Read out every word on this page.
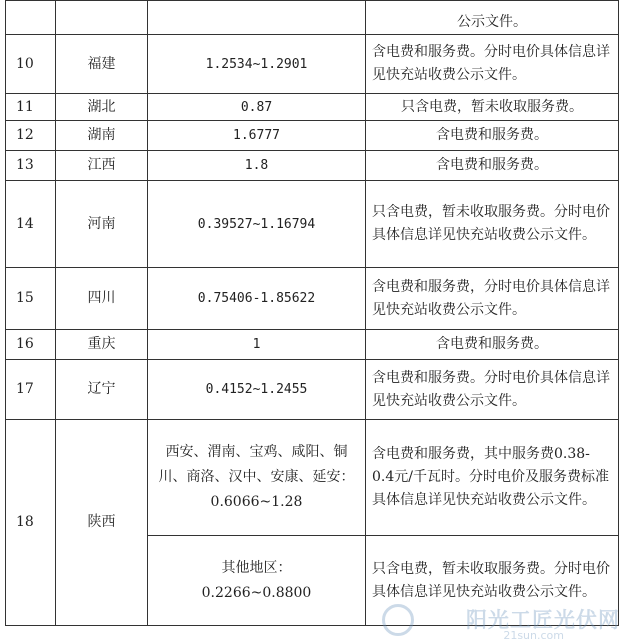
			公示文件。
10	福建	1.2534~1.2901	含电费和服务费。分时电价具体信息详见快充站收费公示文件。
11	湖北	0.87	只含电费，暂未收取服务费。
12	湖南	1.6777	含电费和服务费。
13	江西	1.8	含电费和服务费。
14	河南	0.39527~1.16794	只含电费，暂未收取服务费。分时电价具体信息详见快充站收费公示文件。
15	四川	0.75406-1.85622	含电费和服务费，分时电价具体信息详见快充站收费公示文件。
16	重庆	1	含电费和服务费。
17	辽宁	0.4152~1.2455	含电费和服务费。分时电价具体信息详见快充站收费公示文件。
18	陕西	西安、渭南、宝鸡、咸阳、铜川、商洛、汉中、安康、延安：0.6066~1.28	含电费和服务费，其中服务费0.38-0.4元/千瓦时。分时电价及服务费标准具体信息详见快充站收费公示文件。
		其他地区： 0.2266~0.8800	只含电费，暂未收取服务费。分时电价具体信息详见快充站收费公示文件。
阳光工匠光伏网
21sun.com
